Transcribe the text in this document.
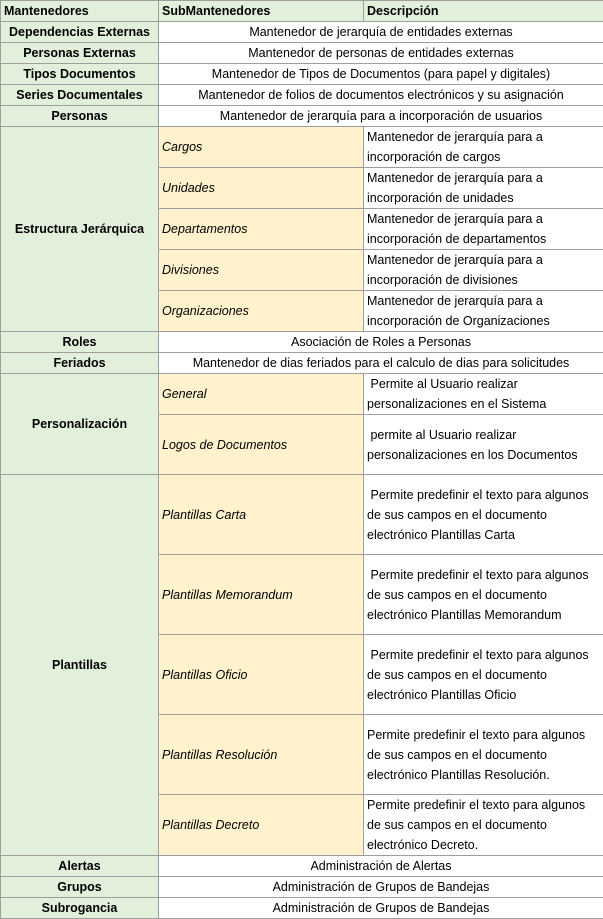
Mantenedores	SubMantenedores	Descripción
Dependencias Externas	Mantenedor de jerarquía de entidades externas	
Personas Externas	Mantenedor de personas de entidades externas	
Tipos Documentos	Mantenedor de Tipos de Documentos (para papel y digitales)	
Series Documentales	Mantenedor de folios de documentos electrónicos y su asignación	
Personas	Mantenedor de jerarquía para a incorporación de usuarios	
Estructura Jerárquica	Cargos	Mantenedor de jerarquía para a incorporación de cargos
	Unidades	Mantenedor de jerarquía para a incorporación de unidades
	Departamentos	Mantenedor de jerarquía para a incorporación de departamentos
	Divisiones	Mantenedor de jerarquía para a incorporación de divisiones
	Organizaciones	Mantenedor de jerarquía para a incorporación de Organizaciones
Roles	Asociación de Roles a Personas	
Feriados	Mantenedor de dias feriados para el calculo de dias para solicitudes	
Personalización	General	Permite al Usuario realizar personalizaciones en el Sistema
	Logos de Documentos	permite al Usuario realizar personalizaciones en los Documentos
Plantillas	Plantillas Carta	Permite predefinir el texto para algunos de sus campos en el documento electrónico Plantillas Carta
	Plantillas Memorandum	Permite predefinir el texto para algunos de sus campos en el documento electrónico Plantillas Memorandum
	Plantillas Oficio	Permite predefinir el texto para algunos de sus campos en el documento electrónico Plantillas Oficio
	Plantillas Resolución	Permite predefinir el texto para algunos de sus campos en el documento electrónico Plantillas Resolución.
	Plantillas Decreto	Permite predefinir el texto para algunos de sus campos en el documento electrónico Decreto.
Alertas	Administración de Alertas	
Grupos	Administración de Grupos de Bandejas	
Subrogancia	Administración de Grupos de Bandejas	
